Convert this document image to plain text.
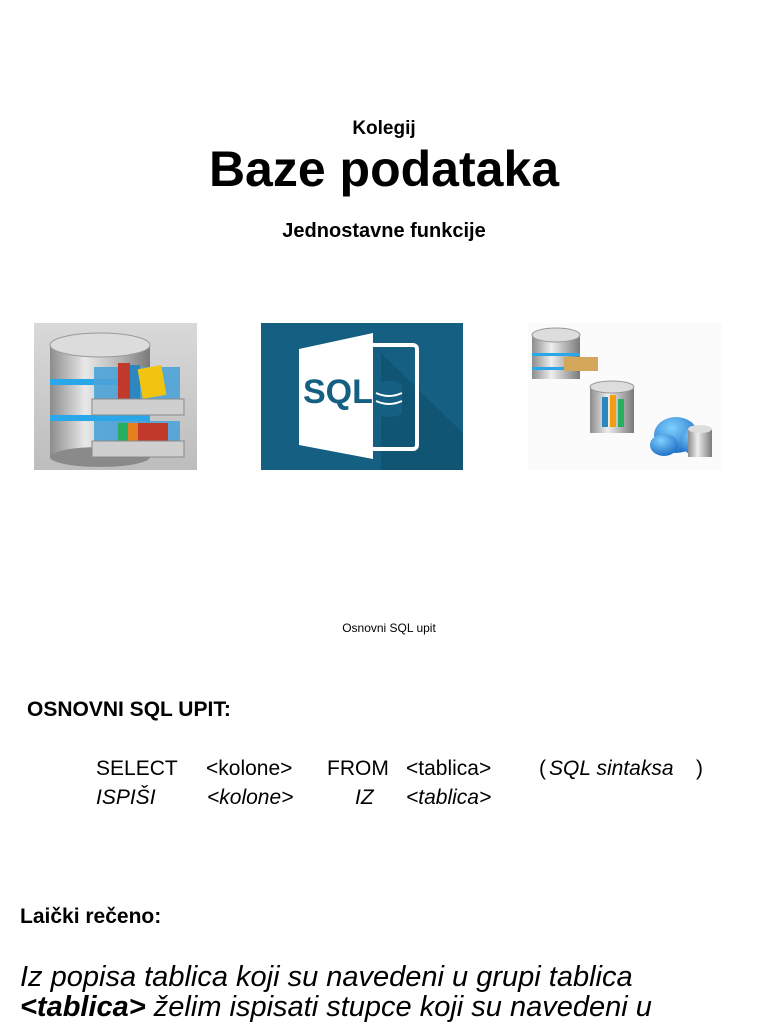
Kolegij
Baze podataka
Jednostavne funkcije
SQL
Osnovni SQL upit
OSNOVNI SQL UPIT:
SELECT <kolone> FROM <tablica> ( SQL sintaksa )
ISPIŠI <kolone>	IZ <tablica>
Laički rečeno:
Iz popisa tablica koji su navedeni u grupi tablica
<tablica> želim ispisati stupce koji su navedeni u
